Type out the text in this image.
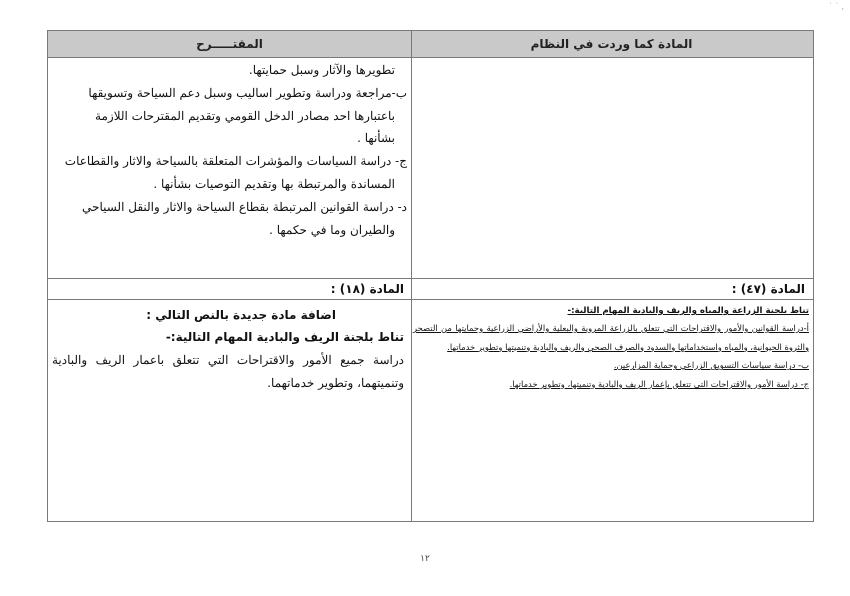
˙ ˙ ,
المادة كما وردت في النظام
المقتـــــرح
تطويرها والآثار وسبل حمايتها.
ب-مراجعة ودراسة وتطوير اساليب وسبل دعم السياحة وتسويقها
باعتبارها احد مصادر الدخل القومي وتقديم المقترحات اللازمة
بشأنها .
ج- دراسة السياسات والمؤشرات المتعلقة بالسياحة والاثار والقطاعات
المساندة والمرتبطة بها وتقديم التوصيات بشأنها .
د- دراسة القوانين المرتبطة بقطاع السياحة والاثار والنقل السياحي
والطيران وما في حكمها .
المادة (٤٧) :
المادة (١٨) :
تناط بلجنة الزراعة والمياه والريف والبادية المهام التالية:-
أ-دراسة القوانين والأمور والاقتراحات التي تتعلق بالزراعة المروية والبعلية والأراضي الزراعية وحمايتها من التصحر والثروة الحيوانية، والمياه واستخداماتها والسدود والصرف الصحي والريف والبادية وتنميتها وتطوير خدماتها.
ب- دراسة سياسات التسويق الزراعي وحماية المزارعين.
ج- دراسة الأمور والاقتراحات التي تتعلق بإعمار الريف والبادية وتنميتها، وتطوير خدماتها.
اضافة مادة جديدة بالنص التالي :
تناط بلجنة الريف والبادية المهام التالية:-
دراسة جميع الأمور والاقتراحات التي تتعلق باعمار الريف والبادية وتنميتهما، وتطوير خدماتهما.
١٢
